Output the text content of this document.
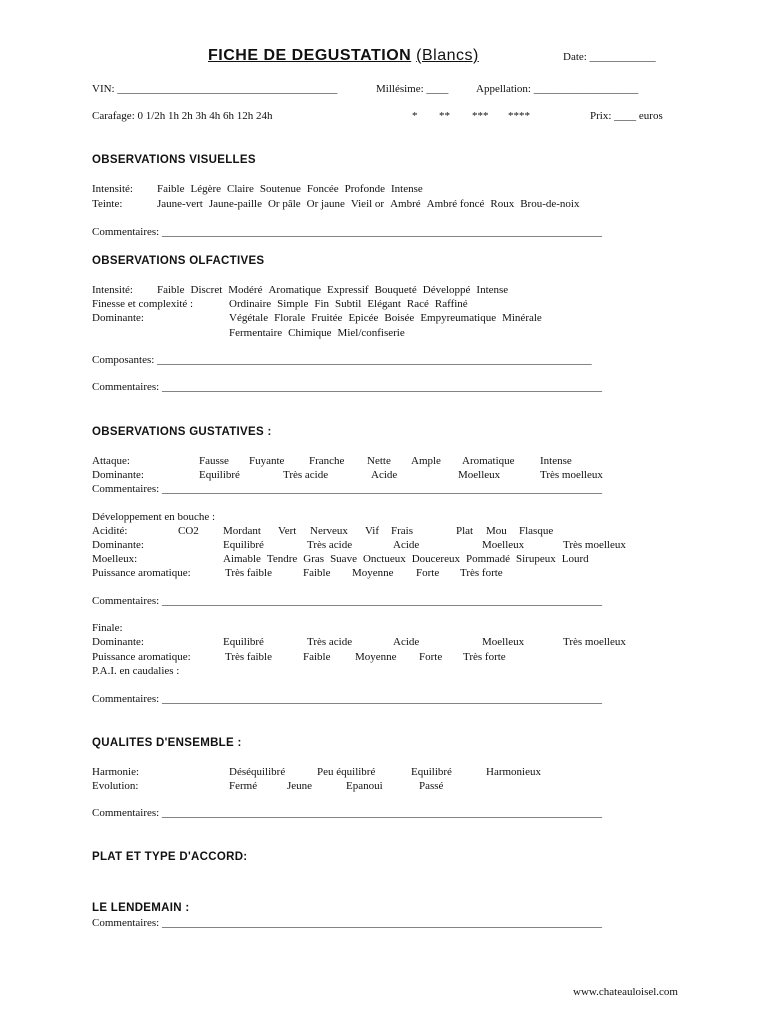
FICHE DE DEGUSTATION (Blancs)	Date: ____________
VIN: ________________________________________	Millésime: ____	Appellation: ___________________
Carafage: 0 1/2h 1h 2h 3h 4h 6h 12h 24h	* ** *** ****	Prix: ____ euros
OBSERVATIONS VISUELLES
Intensité: Faible Légère Claire Soutenue Foncée Profonde Intense
Teinte:	Jaune-vert Jaune-paille Or pâle Or jaune Vieil or Ambré Ambré foncé Roux Brou-de-noix
Commentaires: ________________________________________________________________________________
OBSERVATIONS OLFACTIVES
Intensité: Faible Discret Modéré Aromatique Expressif Bouqueté Développé Intense
Finesse et complexité :	Ordinaire Simple Fin Subtil Elégant Racé Raffiné
Dominante:	Végétale Florale Fruitée Epicée Boisée Empyreumatique Minérale
Fermentaire Chimique Miel/confiserie
Composantes: _______________________________________________________________________________
Commentaires: ________________________________________________________________________________
OBSERVATIONS GUSTATIVES :
Attaque:	Fausse Fuyante Franche Nette Ample Aromatique Intense
Dominante:	Equilibré	Très acide	Acide	Moelleux	Très moelleux
Commentaires: ________________________________________________________________________________
Développement en bouche :
Acidité:	CO2 Mordant Vert Nerveux Vif Frais	Plat Mou Flasque
Dominante:	Equilibré	Très acide	Acide	Moelleux	Très moelleux
Moelleux:	Aimable Tendre Gras Suave Onctueux Doucereux Pommadé Sirupeux Lourd
Puissance aromatique:	Très faible	Faible Moyenne Forte Très forte
Commentaires: ________________________________________________________________________________
Finale:
Dominante:	Equilibré	Très acide	Acide	Moelleux	Très moelleux
Puissance aromatique:	Très faible	Faible Moyenne Forte Très forte
P.A.I. en caudalies :
Commentaires: ________________________________________________________________________________
QUALITES D'ENSEMBLE :
Harmonie:	Déséquilibré	Peu équilibré	Equilibré	Harmonieux
Evolution:	Fermé	Jeune	Epanoui	Passé
Commentaires: ________________________________________________________________________________
PLAT ET TYPE D'ACCORD:
LE LENDEMAIN :
Commentaires: ________________________________________________________________________________
www.chateauloisel.com
